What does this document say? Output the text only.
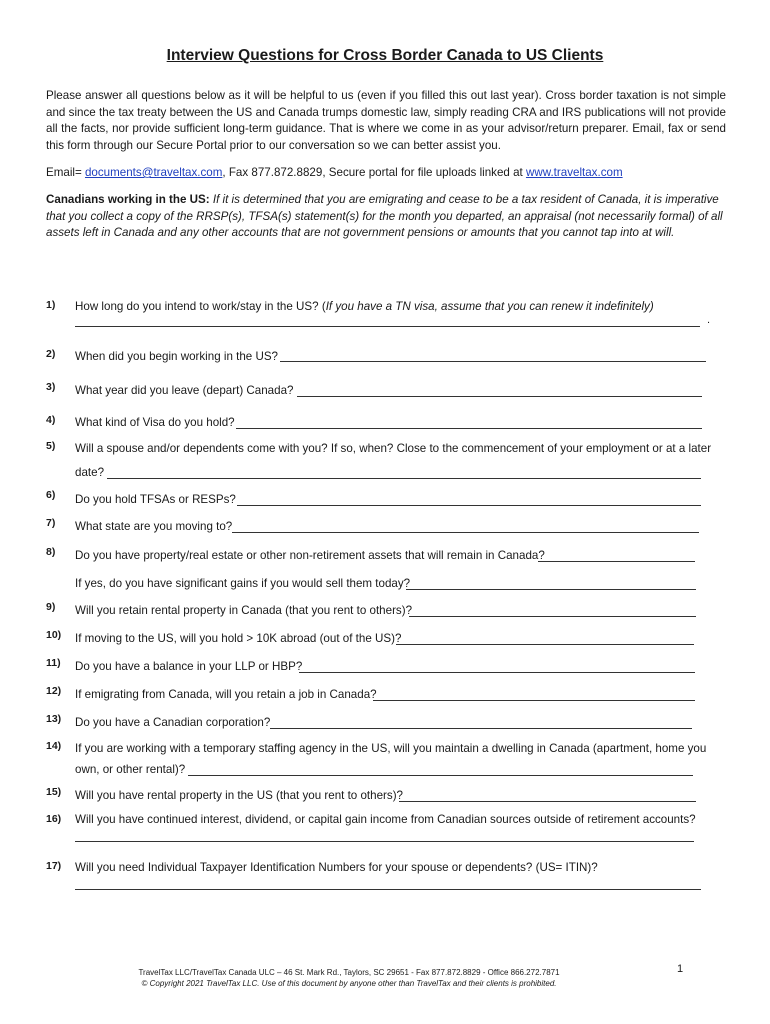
Interview Questions for Cross Border Canada to US Clients
Please answer all questions below as it will be helpful to us (even if you filled this out last year). Cross border taxation is not simple and since the tax treaty between the US and Canada trumps domestic law, simply reading CRA and IRS publications will not provide all the facts, nor provide sufficient long-term guidance. That is where we come in as your advisor/return preparer. Email, fax or send this form through our Secure Portal prior to our conversation so we can better assist you.
Email= documents@traveltax.com, Fax 877.872.8829, Secure portal for file uploads linked at www.traveltax.com
Canadians working in the US: If it is determined that you are emigrating and cease to be a tax resident of Canada, it is imperative that you collect a copy of the RRSP(s), TFSA(s) statement(s) for the month you departed, an appraisal (not necessarily formal) of all assets left in Canada and any other accounts that are not government pensions or amounts that you cannot tap into at will.
1) How long do you intend to work/stay in the US? (If you have a TN visa, assume that you can renew it indefinitely)
.
2) When did you begin working in the US?
3) What year did you leave (depart) Canada?
4) What kind of Visa do you hold?
5) Will a spouse and/or dependents come with you? If so, when? Close to the commencement of your employment or at a later
date?
6) Do you hold TFSAs or RESPs?
7) What state are you moving to?
8) Do you have property/real estate or other non-retirement assets that will remain in Canada?
If yes, do you have significant gains if you would sell them today?
9) Will you retain rental property in Canada (that you rent to others)?
10) If moving to the US, will you hold > 10K abroad (out of the US)?
11) Do you have a balance in your LLP or HBP?
12) If emigrating from Canada, will you retain a job in Canada?
13) Do you have a Canadian corporation?
14) If you are working with a temporary staffing agency in the US, will you maintain a dwelling in Canada (apartment, home you
own, or other rental)?
15) Will you have rental property in the US (that you rent to others)?
16) Will you have continued interest, dividend, or capital gain income from Canadian sources outside of retirement accounts?
17) Will you need Individual Taxpayer Identification Numbers for your spouse or dependents? (US= ITIN)?
TravelTax LLC/TravelTax Canada ULC – 46 St. Mark Rd., Taylors, SC 29651 - Fax 877.872.8829 - Office 866.272.7871
© Copyright 2021 TravelTax LLC. Use of this document by anyone other than TravelTax and their clients is prohibited.
1
